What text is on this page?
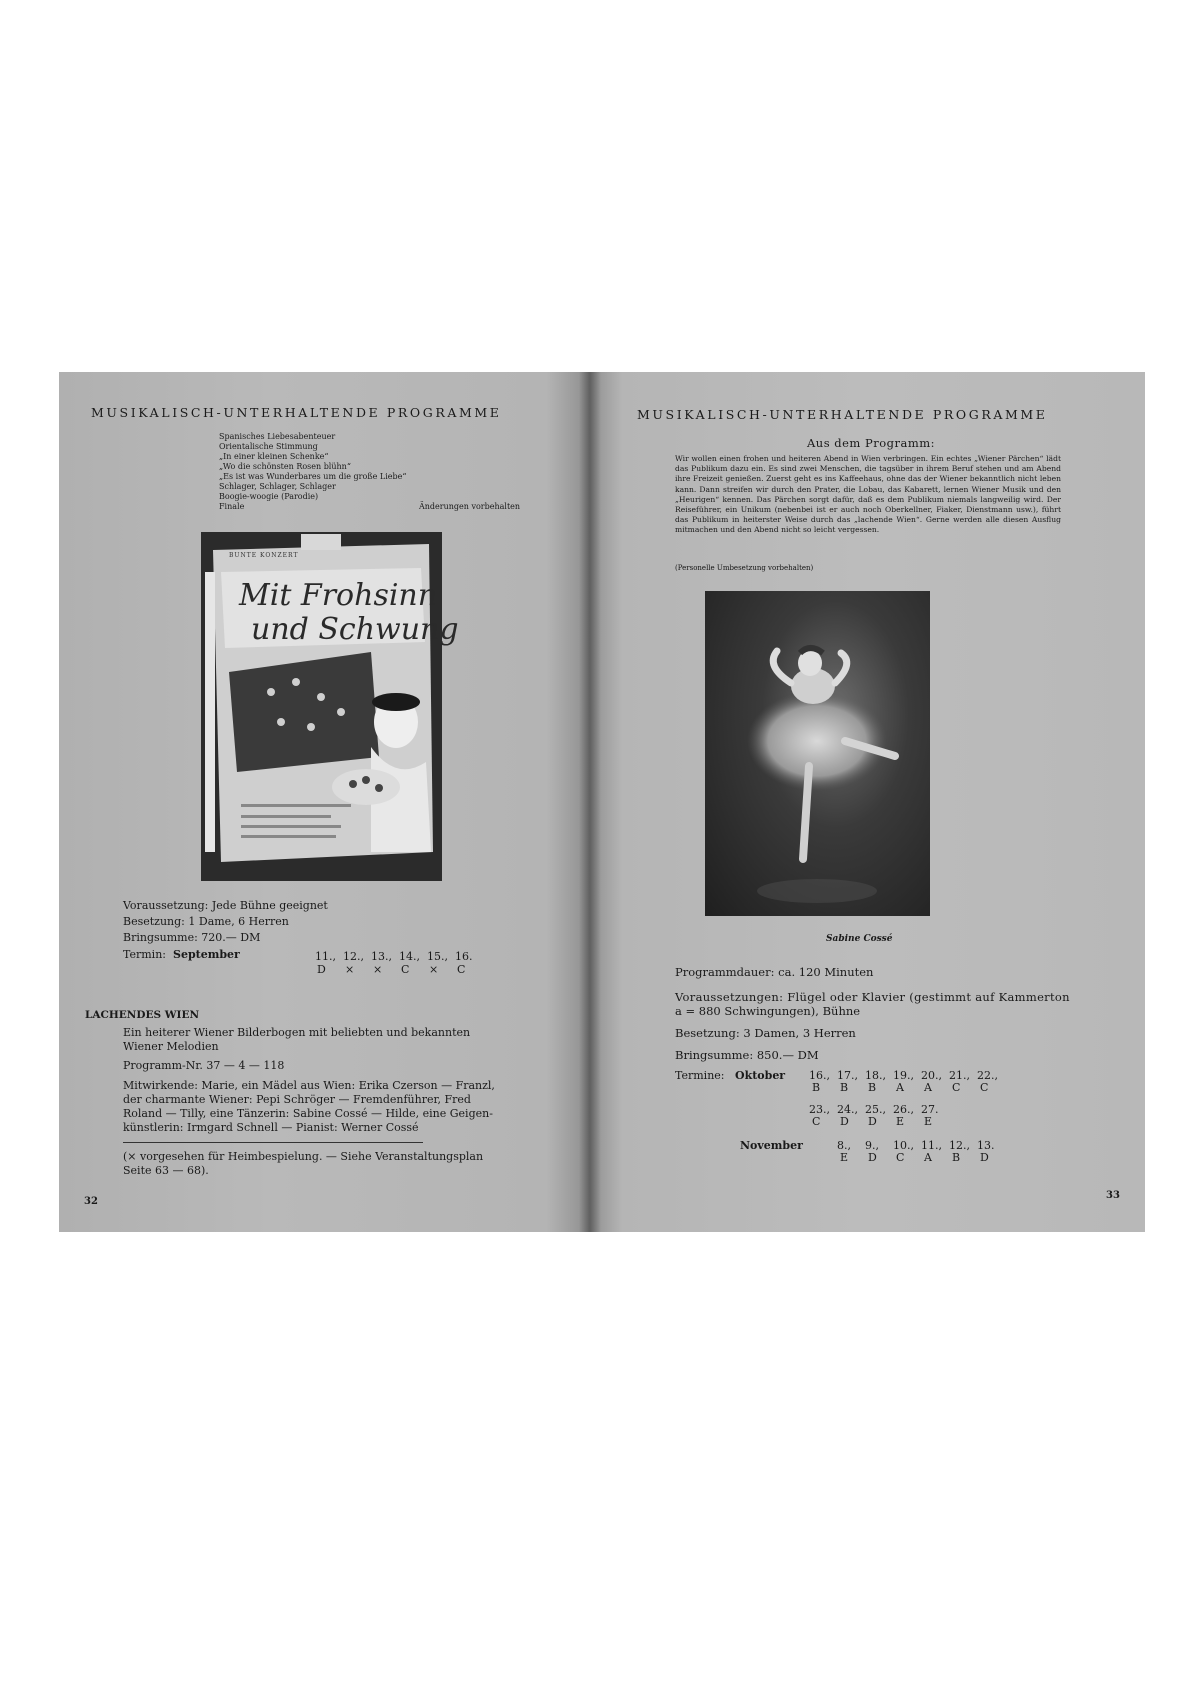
MUSIKALISCH-UNTERHALTENDE PROGRAMME
Spanisches Liebesabenteuer
Orientalische Stimmung
„In einer kleinen Schenke“
„Wo die schönsten Rosen blühn“
„Es ist was Wunderbares um die große Liebe“
Schlager, Schlager, Schlager
Boogie-woogie (Parodie)
Finale	Änderungen vorbehalten
BUNTE KONZERT
Mit Frohsinn
und Schwung
Voraussetzung: Jede Bühne geeignet
Besetzung: 1 Dame, 6 Herren
Bringsumme: 720.— DM
Termin: September	11., 12., 13., 14., 15., 16.
D × × C × C
LACHENDES WIEN
Ein heiterer Wiener Bilderbogen mit beliebten und bekannten
Wiener Melodien
Programm-Nr. 37 — 4 — 118
Mitwirkende: Marie, ein Mädel aus Wien: Erika Czerson — Franzl,
der charmante Wiener: Pepi Schröger — Fremdenführer, Fred
Roland — Tilly, eine Tänzerin: Sabine Cossé — Hilde, eine Geigen-
künstlerin: Irmgard Schnell — Pianist: Werner Cossé
(× vorgesehen für Heimbespielung. — Siehe Veranstaltungsplan
Seite 63 — 68).
32
MUSIKALISCH-UNTERHALTENDE PROGRAMME
Aus dem Programm:
Wir wollen einen frohen und heiteren Abend in Wien verbringen. Ein echtes „Wiener Pärchen“ lädt das Publikum dazu ein. Es sind zwei Menschen, die tagsüber in ihrem Beruf stehen und am Abend ihre Freizeit genießen. Zuerst geht es ins Kaffeehaus, ohne das der Wiener bekanntlich nicht leben kann. Dann streifen wir durch den Prater, die Lobau, das Kabarett, lernen Wiener Musik und den „Heurigen“ kennen. Das Pärchen sorgt dafür, daß es dem Publikum niemals langweilig wird. Der Reiseführer, ein Unikum (nebenbei ist er auch noch Oberkellner, Fiaker, Dienstmann usw.), führt das Publikum in heiterster Weise durch das „lachende Wien“. Gerne werden alle diesen Ausflug mitmachen und den Abend nicht so leicht vergessen.
(Personelle Umbesetzung vorbehalten)
Sabine Cossé
Programmdauer: ca. 120 Minuten
Voraussetzungen: Flügel oder Klavier (gestimmt auf Kammerton
a = 880 Schwingungen), Bühne
Besetzung: 3 Damen, 3 Herren
Bringsumme: 850.— DM
Termine: Oktober 16., 17., 18., 19., 20., 21., 22.,
B B B A A C C
23., 24., 25., 26., 27.
C D D E E
November	8., 9., 10., 11., 12., 13.
E D C A B D
33
